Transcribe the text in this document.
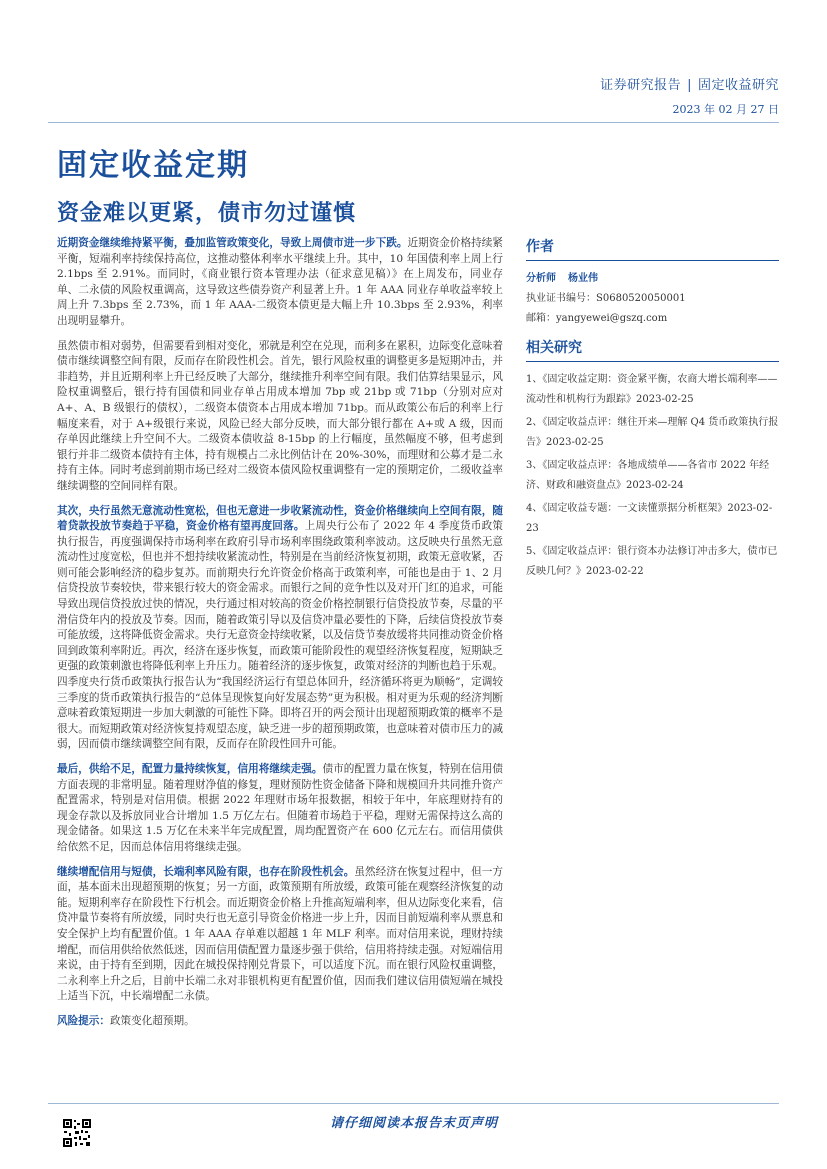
证券研究报告 | 固定收益研究
2023 年 02 月 27 日
固定收益定期
资金难以更紧，债市勿过谨慎

近期资金继续维持紧平衡，叠加监管政策变化，导致上周债市进一步下跌。近期资金价格持续紧平衡，短端利率持续保持高位，这推动整体利率水平继续上升。其中，10 年国债利率上周上行 2.1bps 至 2.91%。而同时，《商业银行资本管理办法（征求意见稿）》在上周发布，同业存单、二永债的风险权重调高，这导致这些债券资产利显著上升。1 年 AAA 同业存单收益率较上周上升 7.3bps 至 2.73%，而 1 年 AAA-二级资本债更是大幅上升 10.3bps 至 2.93%，利率出现明显攀升。

虽然债市相对弱势，但需要看到相对变化，邪就是利空在兑现，而利多在累积，边际变化意味着债市继续调整空间有限，反而存在阶段性机会。首先，银行风险权重的调整更多是短期冲击，并非趋势，并且近期利率上升已经反映了大部分，继续推升利率空间有限。我们估算结果显示，风险权重调整后，银行持有国债和同业存单占用成本增加 7bp 或 21bp 或 71bp（分别对应对 A+、A、B 级银行的债权），二级资本债资本占用成本增加 71bp。而从政策公布后的利率上行幅度来看，对于 A+级银行来说，风险已经大部分反映，而大部分银行都在 A+或 A 级，因而存单因此继续上升空间不大。二级资本债收益 8-15bp 的上行幅度，虽然幅度不够，但考虑到银行并非二级资本债持有主体，持有规模占二永比例估计在 20%-30%，而理财和公募才是二永持有主体。同时考虑到前期市场已经对二级资本债风险权重调整有一定的预期定价，二级收益率继续调整的空间同样有限。

其次，央行虽然无意流动性宽松，但也无意进一步收紧流动性，资金价格继续向上空间有限，随着贷款投放节奏趋于平稳，资金价格有望再度回落。上周央行公布了 2022 年 4 季度货币政策执行报告，再度强调保持市场利率在政府引导市场利率围绕政策利率波动。这反映央行虽然无意流动性过度宽松，但也并不想持续收紧流动性，特别是在当前经济恢复初期，政策无意收紧，否则可能会影响经济的稳步复苏。而前期央行允许资金价格高于政策利率，可能也是由于 1、2 月信贷投放节奏较快，带来银行较大的资金需求。而银行之间的竞争性以及对开门红的追求，可能导致出现信贷投放过快的情况，央行通过相对较高的资金价格控制银行信贷投放节奏，尽量的平滑信贷年内的投放及节奏。因而，随着政策引导以及信贷冲量必要性的下降，后续信贷投放节奏可能放缓，这将降低资金需求。央行无意资金持续收紧，以及信贷节奏放缓将共同推动资金价格回到政策利率附近。再次，经济在逐步恢复，而政策可能阶段性的观望经济恢复程度，短期缺乏更强的政策刺激也将降低利率上升压力。随着经济的逐步恢复，政策对经济的判断也趋于乐观。四季度央行货币政策执行报告认为“我国经济运行有望总体回升，经济循环将更为顺畅”，定调较三季度的货币政策执行报告的“总体呈现恢复向好发展态势”更为积极。相对更为乐观的经济判断意味着政策短期进一步加大刺激的可能性下降。即将召开的两会预计出现超预期政策的概率不是很大。而短期政策对经济恢复持观望态度，缺乏进一步的超预期政策，也意味着对债市压力的减弱，因而债市继续调整空间有限，反而存在阶段性回升可能。

最后，供给不足，配置力量持续恢复，信用将继续走强。债市的配置力量在恢复，特别在信用债方面表现的非常明显。随着理财净值的修复，理财预防性资金储备下降和规模回升共同推升资产配置需求，特别是对信用债。根据 2022 年理财市场年报数据，相较于年中，年底理财持有的现金存款以及拆放同业合计增加 1.5 万亿左右。但随着市场趋于平稳，理财无需保持这么高的现金储备。如果这 1.5 万亿在未来半年完成配置，周均配置资产在 600 亿元左右。而信用债供给依然不足，因而总体信用将继续走强。

继续增配信用与短债，长端利率风险有限，也存在阶段性机会。虽然经济在恢复过程中，但一方面，基本面未出现超预期的恢复；另一方面，政策预期有所放缓，政策可能在观察经济恢复的动能。短期利率存在阶段性下行机会。而近期资金价格上升推高短端利率，但从边际变化来看，信贷冲量节奏将有所放缓，同时央行也无意引导资金价格进一步上升，因而目前短端利率从票息和安全保护上均有配置价值。1 年 AAA 存单难以超越 1 年 MLF 利率。而对信用来说，理财持续增配，而信用供给依然低迷，因而信用债配置力量逐步强于供给，信用将持续走强。对短端信用来说，由于持有至到期，因此在城投保持刚兑背景下，可以适度下沉。而在银行风险权重调整，二永利率上升之后，目前中长端二永对非银机构更有配置价值，因而我们建议信用债短端在城投上适当下沉，中长端增配二永债。

风险提示：政策变化超预期。

作者
分析师 杨业伟
执业证书编号：S0680520050001
邮箱：yangyewei@gszq.com
相关研究
1、《固定收益定期：资金紧平衡，农商大增长端利率——流动性和机构行为跟踪》2023-02-25
2、《固定收益点评：继往开来—理解 Q4 货币政策执行报告》2023-02-25
3、《固定收益点评：各地成绩单——各省市 2022 年经济、财政和融资盘点》2023-02-24
4、《固定收益专题：一文读懂票据分析框架》2023-02-23
5、《固定收益点评：银行资本办法修订冲击多大，债市已反映几何？》2023-02-22
请仔细阅读本报告末页声明
